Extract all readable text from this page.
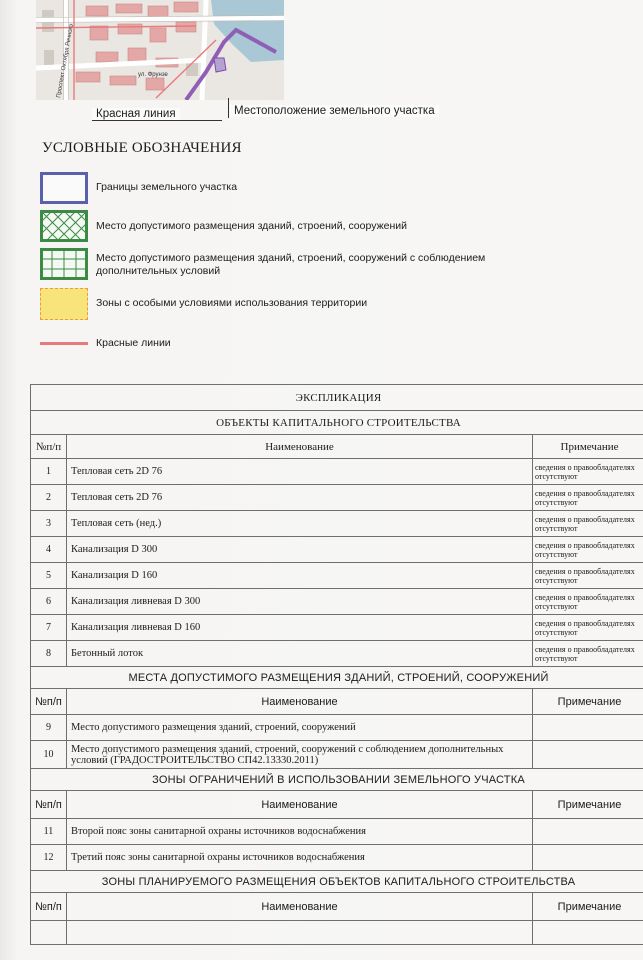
ул. Фрунзе
Проспект Октября Речного
Красная линия	Местоположение земельного участка
УСЛОВНЫЕ ОБОЗНАЧЕНИЯ
Границы земельного участка
Место допустимого размещения зданий, строений, сооружений
Место допустимого размещения зданий, строений, сооружений с соблюдением дополнительных условий
Зоны с особыми условиями использования территории
Красные линии
ЭКСПЛИКАЦИЯ		
ОБЪЕКТЫ КАПИТАЛЬНОГО СТРОИТЕЛЬСТВА		
№п/п	Наименование	Примечание
1	Тепловая сеть 2D 76	сведения о правообладателях отсутствуют
2	Тепловая сеть 2D 76	сведения о правообладателях отсутствуют
3	Тепловая сеть (нед.)	сведения о правообладателях отсутствуют
4	Канализация D 300	сведения о правообладателях отсутствуют
5	Канализация D 160	сведения о правообладателях отсутствуют
6	Канализация ливневая D 300	сведения о правообладателях отсутствуют
7	Канализация ливневая D 160	сведения о правообладателях отсутствуют
8	Бетонный лоток	сведения о правообладателях отсутствуют
МЕСТА ДОПУСТИМОГО РАЗМЕЩЕНИЯ ЗДАНИЙ, СТРОЕНИЙ, СООРУЖЕНИЙ		
№п/п	Наименование	Примечание
9	Место допустимого размещения зданий, строений, сооружений	
10	Место допустимого размещения зданий, строений, сооружений с соблюдением дополнительных условий (ГРАДОСТРОИТЕЛЬСТВО СП42.13330.2011)	
ЗОНЫ ОГРАНИЧЕНИЙ В ИСПОЛЬЗОВАНИИ ЗЕМЕЛЬНОГО УЧАСТКА		
№п/п	Наименование	Примечание
11	Второй пояс зоны санитарной охраны источников водоснабжения	
12	Третий пояс зоны санитарной охраны источников водоснабжения	
ЗОНЫ ПЛАНИРУЕМОГО РАЗМЕЩЕНИЯ ОБЪЕКТОВ КАПИТАЛЬНОГО СТРОИТЕЛЬСТВА		
№п/п	Наименование	Примечание
